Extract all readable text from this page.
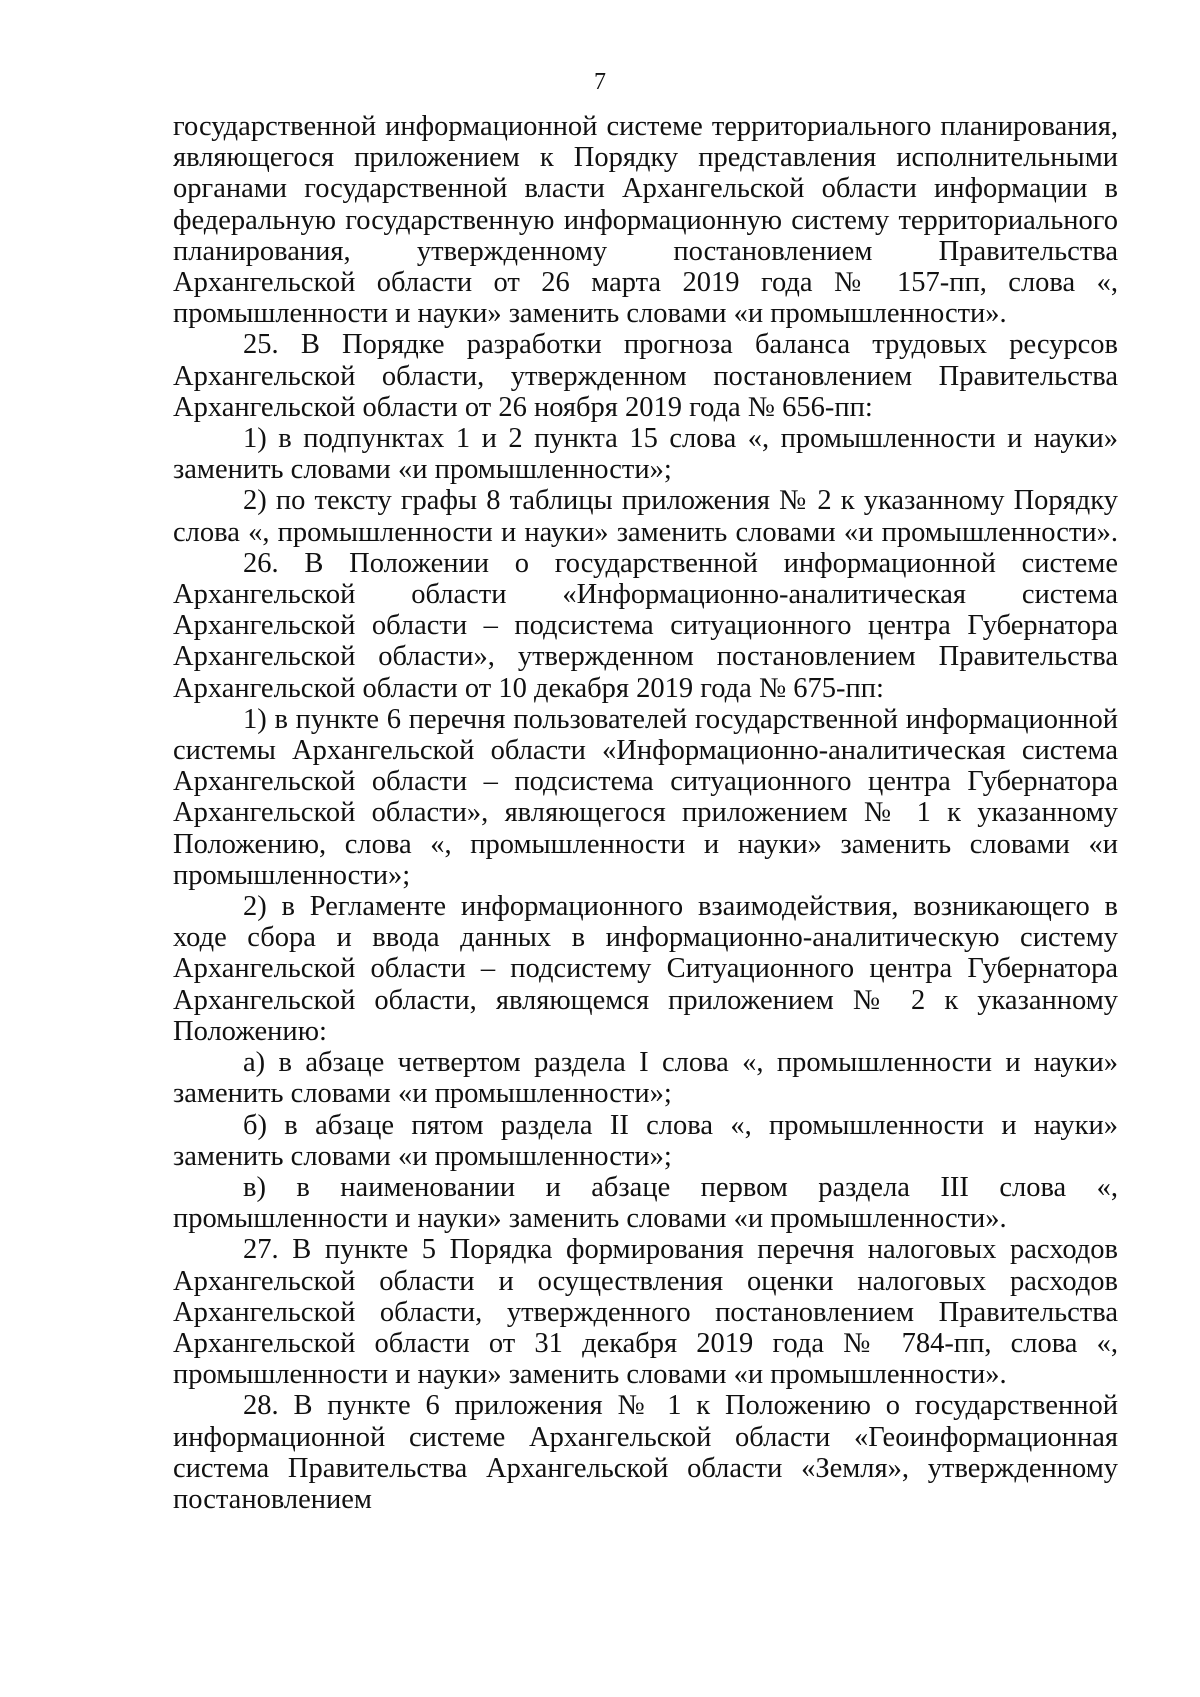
7

государственной информационной системе территориального планирования, являющегося приложением к Порядку представления исполнительными органами государственной власти Архангельской области информации в федеральную государственную информационную систему территориального планирования, утвержденному постановлением Правительства Архангельской области от 26 марта 2019 года № 157-пп, слова «, промышленности и науки» заменить словами «и промышленности».

25. В Порядке разработки прогноза баланса трудовых ресурсов Архангельской области, утвержденном постановлением Правительства Архангельской области от 26 ноября 2019 года № 656-пп:

1) в подпунктах 1 и 2 пункта 15 слова «, промышленности и науки» заменить словами «и промышленности»;

2) по тексту графы 8 таблицы приложения № 2 к указанному Порядку слова «, промышленности и науки» заменить словами «и промышленности».

26. В Положении о государственной информационной системе Архангельской области «Информационно-аналитическая система Архангельской области – подсистема ситуационного центра Губернатора Архангельской области», утвержденном постановлением Правительства Архангельской области от 10 декабря 2019 года № 675-пп:

1) в пункте 6 перечня пользователей государственной информационной системы Архангельской области «Информационно-аналитическая система Архангельской области – подсистема ситуационного центра Губернатора Архангельской области», являющегося приложением № 1 к указанному Положению, слова «, промышленности и науки» заменить словами «и промышленности»;

2) в Регламенте информационного взаимодействия, возникающего в ходе сбора и ввода данных в информационно-аналитическую систему Архангельской области – подсистему Ситуационного центра Губернатора Архангельской области, являющемся приложением № 2 к указанному Положению:

а) в абзаце четвертом раздела I слова «, промышленности и науки» заменить словами «и промышленности»;

б) в абзаце пятом раздела II слова «, промышленности и науки» заменить словами «и промышленности»;

в) в наименовании и абзаце первом раздела III слова «, промышленности и науки» заменить словами «и промышленности».

27. В пункте 5 Порядка формирования перечня налоговых расходов Архангельской области и осуществления оценки налоговых расходов Архангельской области, утвержденного постановлением Правительства Архангельской области от 31 декабря 2019 года № 784-пп, слова «, промышленности и науки» заменить словами «и промышленности».

28. В пункте 6 приложения № 1 к Положению о государственной информационной системе Архангельской области «Геоинформационная система Правительства Архангельской области «Земля», утвержденному постановлением
